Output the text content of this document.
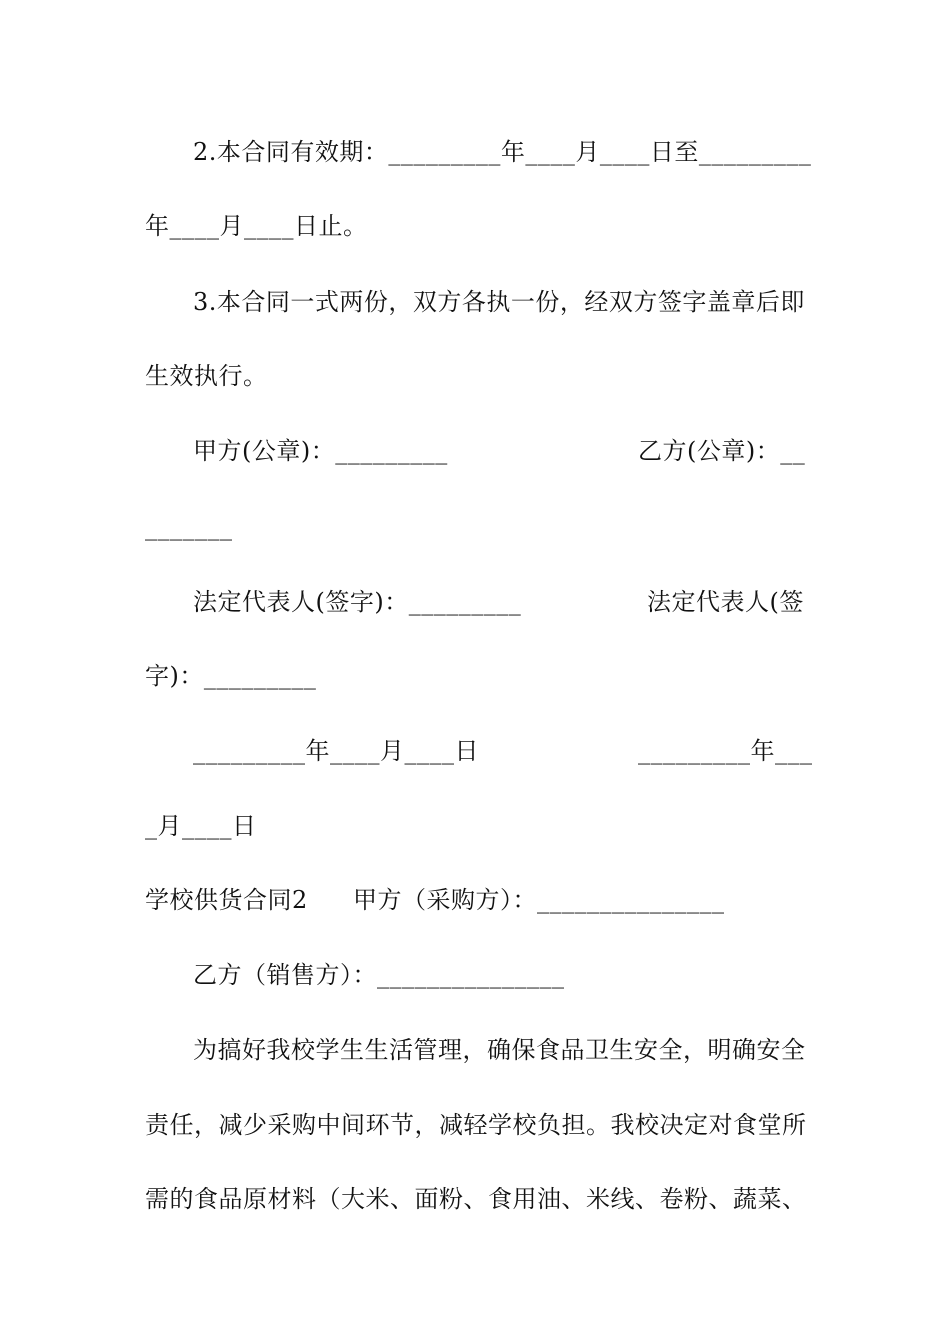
2.本合同有效期：_________年____月____日至_________
年____月____日止。
3.本合同一式两份，双方各执一份，经双方签字盖章后即
生效执行。
甲方(公章)：_________	乙方(公章)：__
_______
法定代表人(签字)：_________	法定代表人(签
字)：_________
_________年____月____日	_________年___
_月____日
学校供货合同2 甲方（采购方）：_______________
乙方（销售方）：_______________
为搞好我校学生生活管理，确保食品卫生安全，明确安全
责任，减少采购中间环节，减轻学校负担。我校决定对食堂所
需的食品原材料（大米、面粉、食用油、米线、卷粉、蔬菜、
